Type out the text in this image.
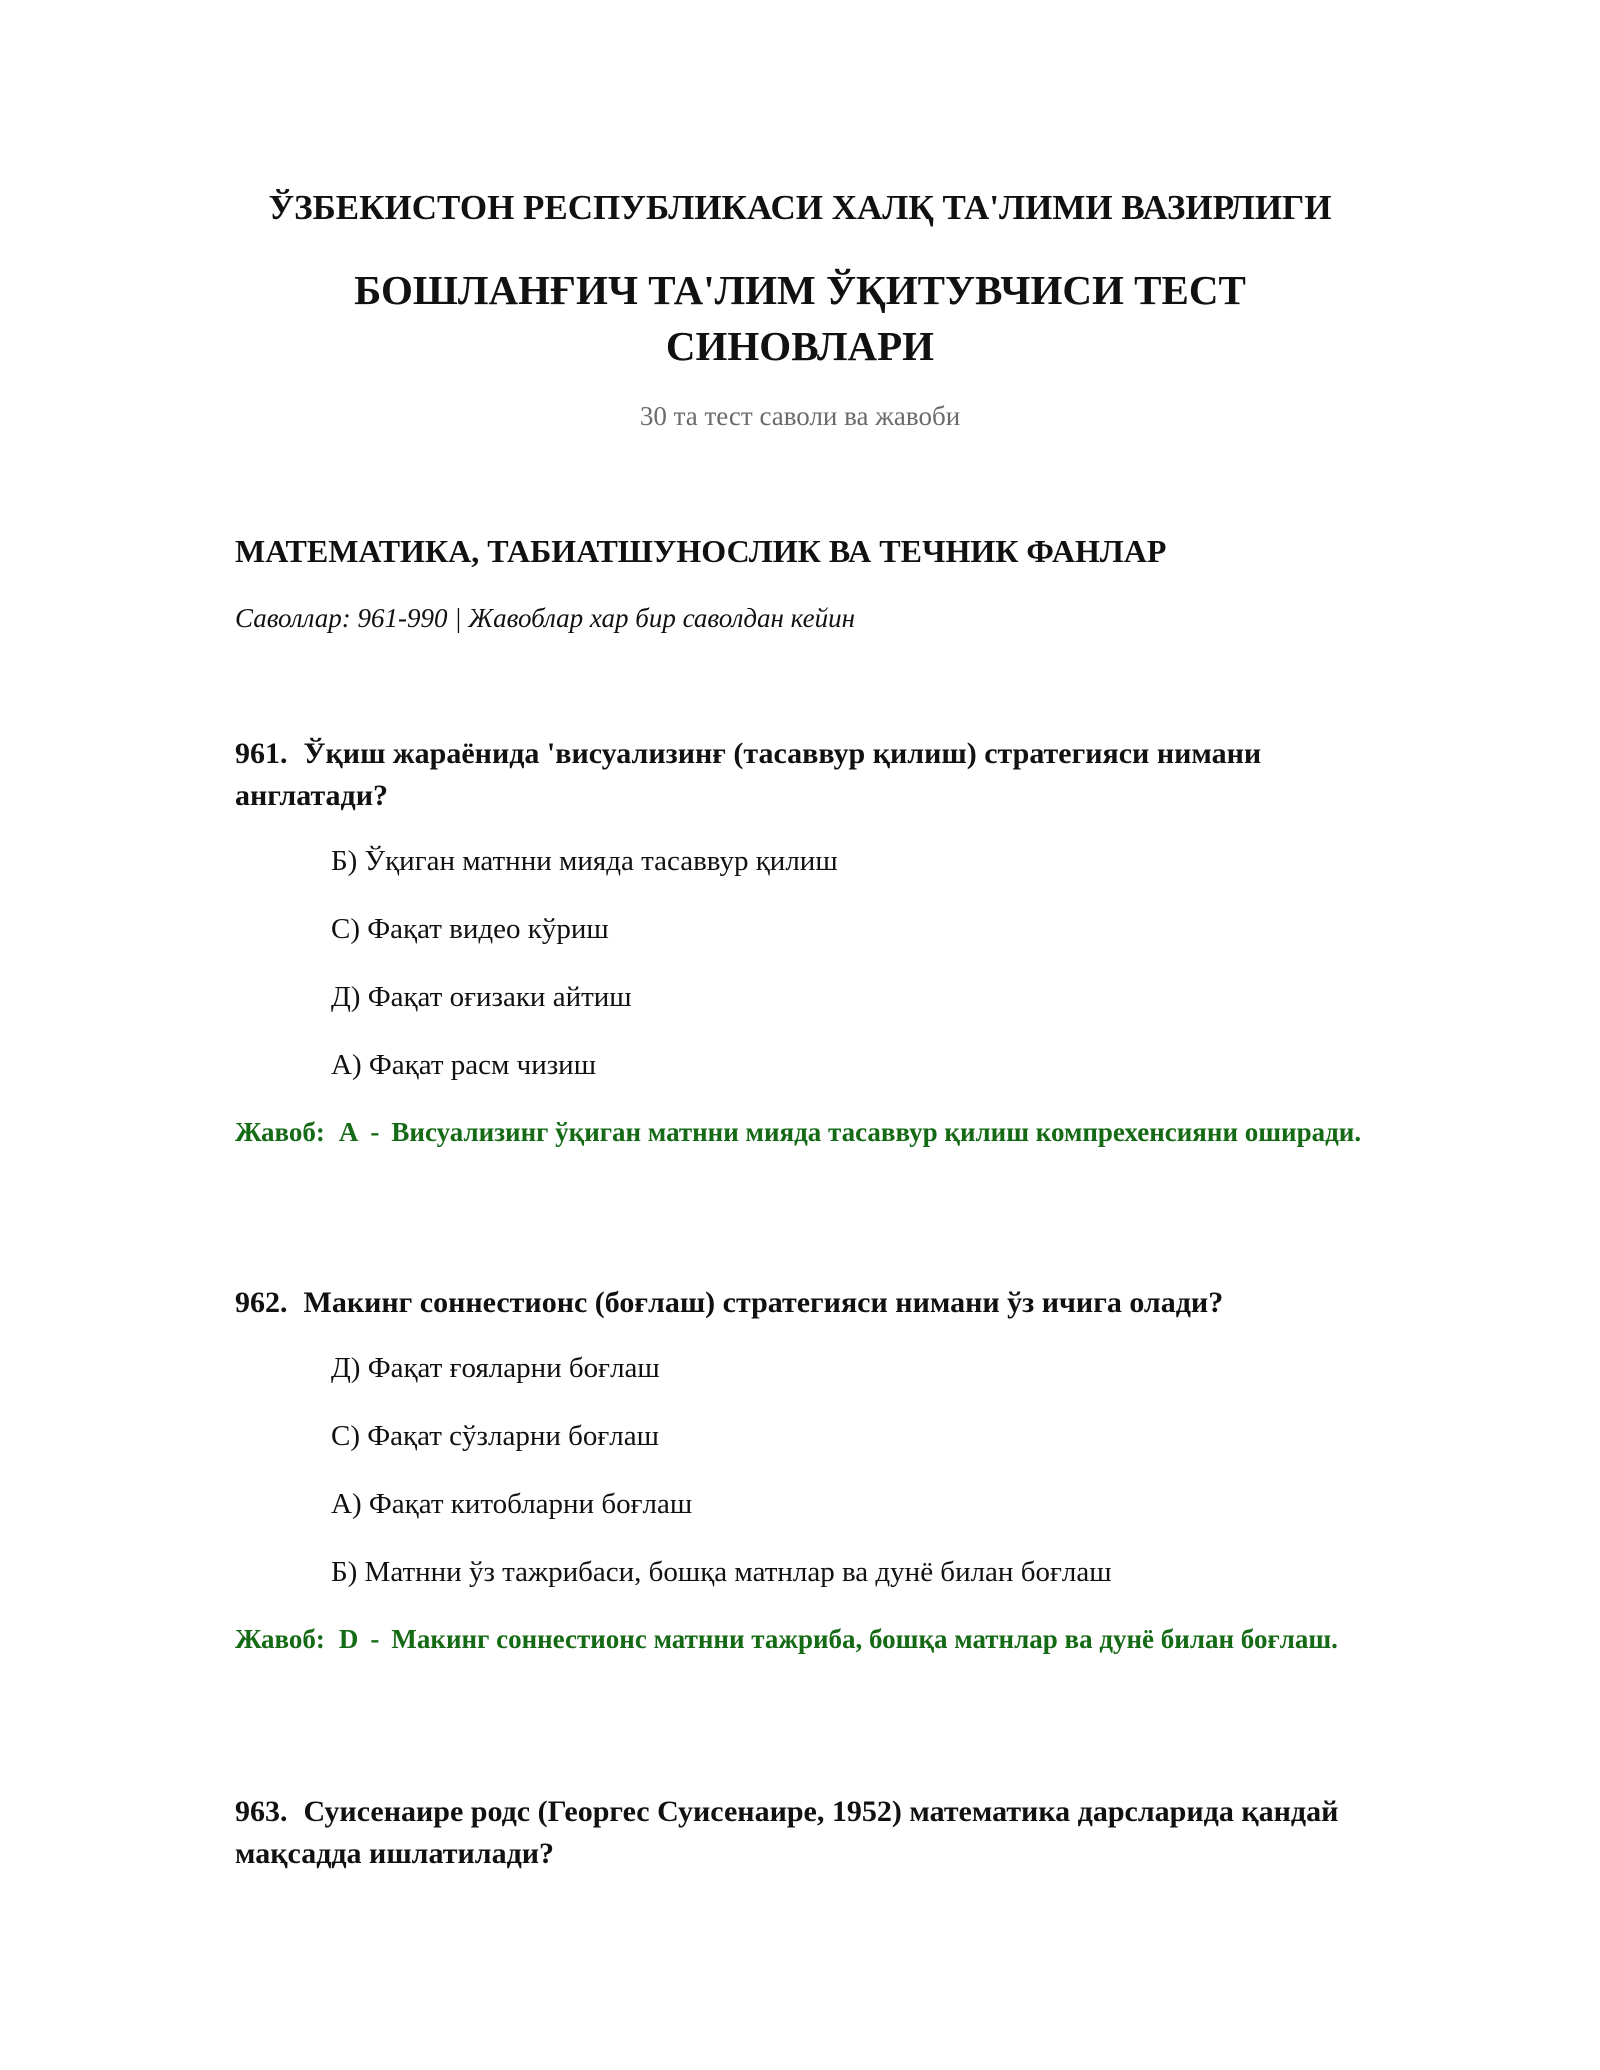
ЎЗБЕКИСТОН РЕСПУБЛИКАСИ ХАЛҚ ТА'ЛИМИ ВАЗИРЛИГИ
БОШЛАНҒИЧ ТА'ЛИМ ЎҚИТУВЧИСИ ТЕСТ СИНОВЛАРИ

30 та тест саволи ва жавоби

МАТЕМАТИКА, ТАБИАТШУНОСЛИК ВА ТЕЧНИК ФАНЛАР

Саволлар: 961-990 | Жавоблар хар бир саволдан кейин

961. Ўқиш жараёнида 'висуализинғ (тасаввур қилиш) стратегияси нимани англатади?

Б) Ўқиган матнни мияда тасаввур қилиш
С) Фақат видео кўриш
Д) Фақат оғизаки айтиш
А) Фақат расм чизиш

Жавоб: A - Висуализинг ўқиган матнни мияда тасаввур қилиш компрехенсияни оширади.

962. Макинг соннестионс (боғлаш) стратегияси нимани ўз ичига олади?

Д) Фақат ғояларни боғлаш
С) Фақат сўзларни боғлаш
А) Фақат китобларни боғлаш
Б) Матнни ўз тажрибаси, бошқа матнлар ва дунё билан боғлаш

Жавоб: D - Макинг соннестионс матнни тажриба, бошқа матнлар ва дунё билан боғлаш.

963. Суисенаире родс (Георгес Суисенаире, 1952) математика дарсларида қандай мақсадда ишлатилади?
